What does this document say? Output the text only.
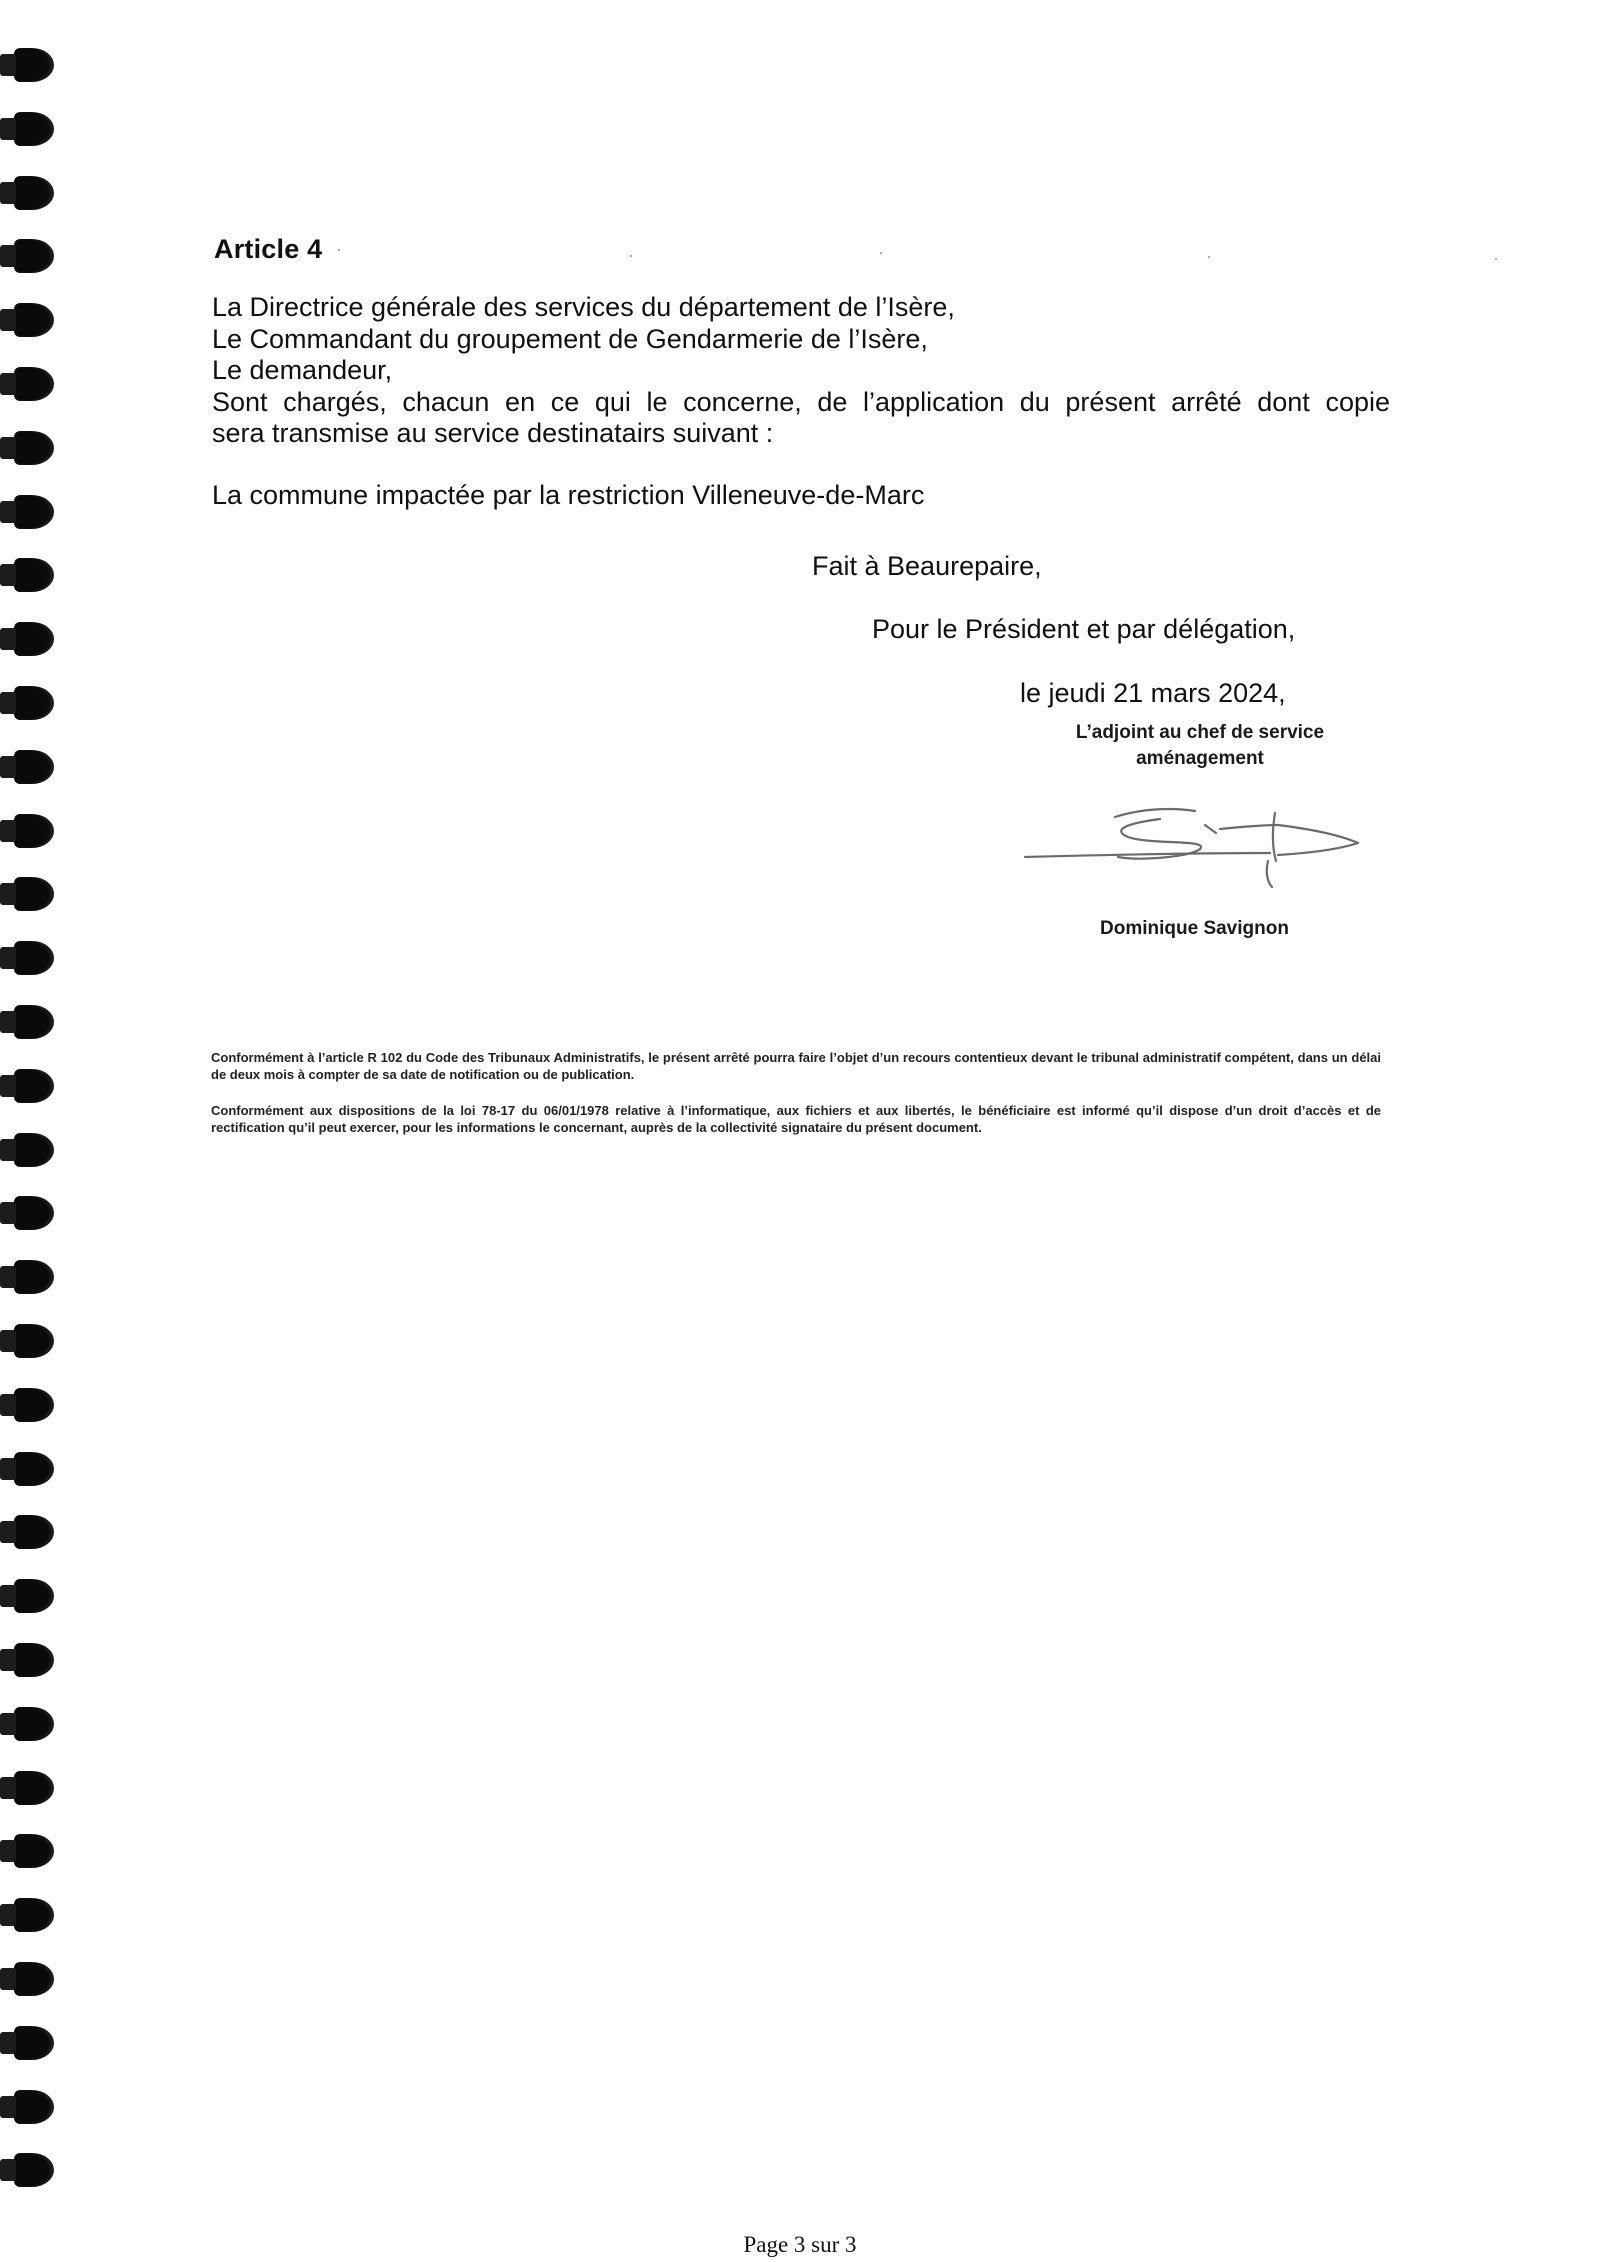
Article 4

La Directrice générale des services du département de l’Isère,

Le Commandant du groupement de Gendarmerie de l’Isère,

Le demandeur,

Sont chargés, chacun en ce qui le concerne, de l’application du présent arrêté dont copie

sera transmise au service destinatairs suivant :

La commune impactée par la restriction Villeneuve-de-Marc
Fait à Beaurepaire,
Pour le Président et par délégation,
le jeudi 21 mars 2024,
L’adjoint au chef de service
aménagement
Dominique Savignon
Conformément à l’article R 102 du Code des Tribunaux Administratifs, le présent arrêté pourra faire l’objet d’un recours contentieux devant le tribunal administratif compétent, dans un délai de deux mois à compter de sa date de notification ou de publication.
Conformément aux dispositions de la loi 78-17 du 06/01/1978 relative à l’informatique, aux fichiers et aux libertés, le bénéficiaire est informé qu’il dispose d’un droit d’accès et de rectification qu’il peut exercer, pour les informations le concernant, auprès de la collectivité signataire du présent document.
Page 3 sur 3
